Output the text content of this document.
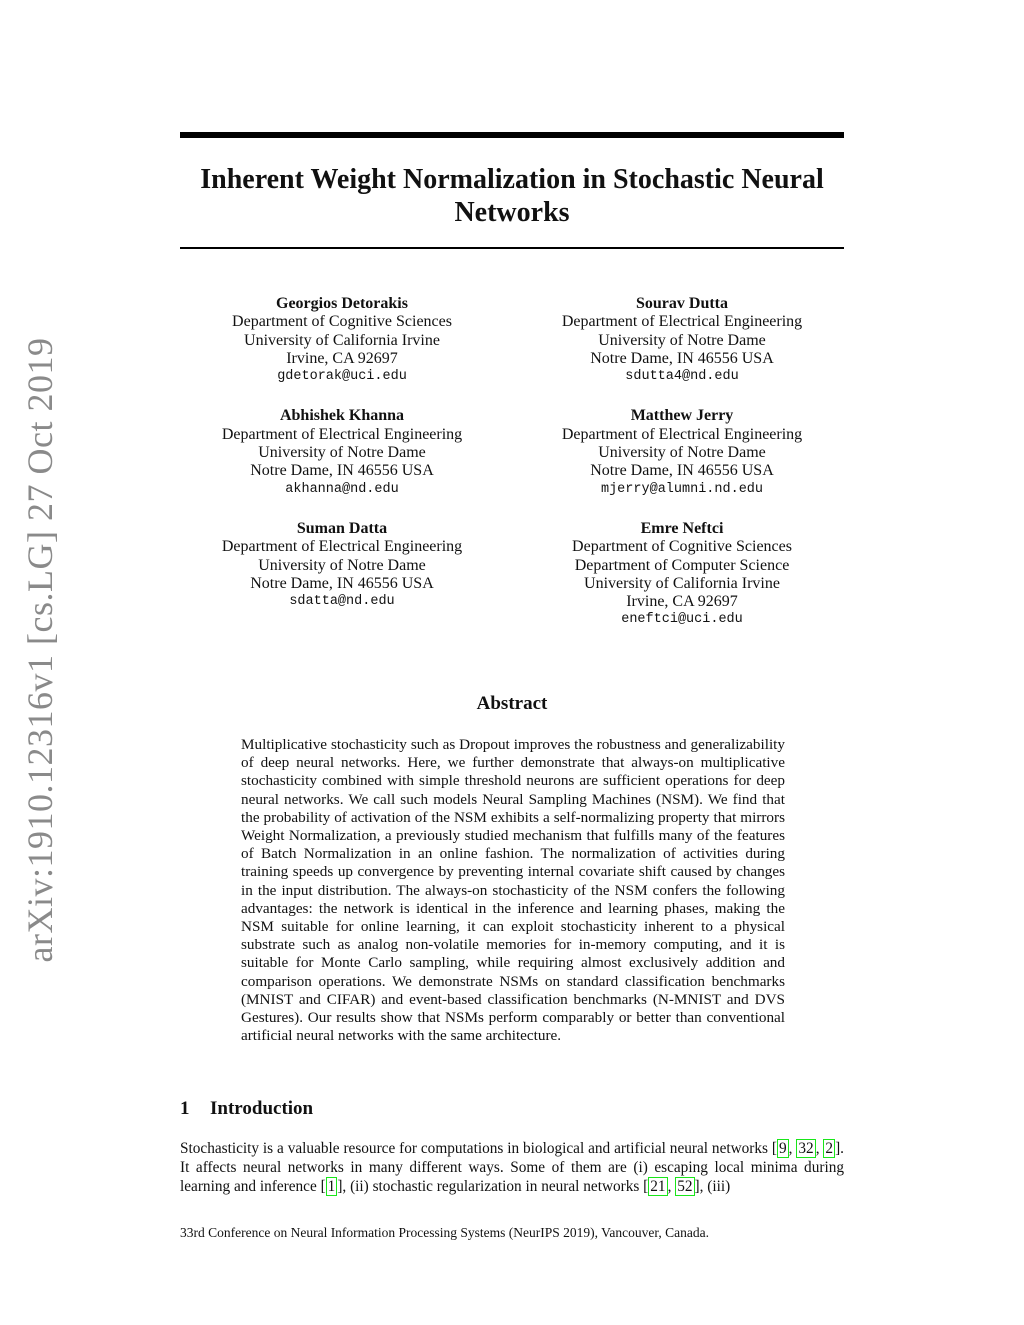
arXiv:1910.12316v1 [cs.LG] 27 Oct 2019
Inherent Weight Normalization in Stochastic Neural Networks
Georgios Detorakis
Department of Cognitive Sciences
University of California Irvine
Irvine, CA 92697
gdetorak@uci.edu
Sourav Dutta
Department of Electrical Engineering
University of Notre Dame
Notre Dame, IN 46556 USA
sdutta4@nd.edu
Abhishek Khanna
Department of Electrical Engineering
University of Notre Dame
Notre Dame, IN 46556 USA
akhanna@nd.edu
Matthew Jerry
Department of Electrical Engineering
University of Notre Dame
Notre Dame, IN 46556 USA
mjerry@alumni.nd.edu
Suman Datta
Department of Electrical Engineering
University of Notre Dame
Notre Dame, IN 46556 USA
sdatta@nd.edu
Emre Neftci
Department of Cognitive Sciences
Department of Computer Science
University of California Irvine
Irvine, CA 92697
eneftci@uci.edu
Abstract

Multiplicative stochasticity such as Dropout improves the robustness and generalizability of deep neural networks. Here, we further demonstrate that always-on multiplicative stochasticity combined with simple threshold neurons are sufficient operations for deep neural networks. We call such models Neural Sampling Machines (NSM). We find that the probability of activation of the NSM exhibits a self-normalizing property that mirrors Weight Normalization, a previously studied mechanism that fulfills many of the features of Batch Normalization in an online fashion. The normalization of activities during training speeds up convergence by preventing internal covariate shift caused by changes in the input distribution. The always-on stochasticity of the NSM confers the following advantages: the network is identical in the inference and learning phases, making the NSM suitable for online learning, it can exploit stochasticity inherent to a physical substrate such as analog non-volatile memories for in-memory computing, and it is suitable for Monte Carlo sampling, while requiring almost exclusively addition and comparison operations. We demonstrate NSMs on standard classification benchmarks (MNIST and CIFAR) and event-based classification benchmarks (N-MNIST and DVS Gestures). Our results show that NSMs perform comparably or better than conventional artificial neural networks with the same architecture.

1 Introduction

Stochasticity is a valuable resource for computations in biological and artificial neural networks [ 9 , 32 , 2 ]. It affects neural networks in many different ways. Some of them are (i) escaping local minima during learning and inference [ 1 ], (ii) stochastic regularization in neural networks [ 21 , 52 ], (iii)

33rd Conference on Neural Information Processing Systems (NeurIPS 2019), Vancouver, Canada.
